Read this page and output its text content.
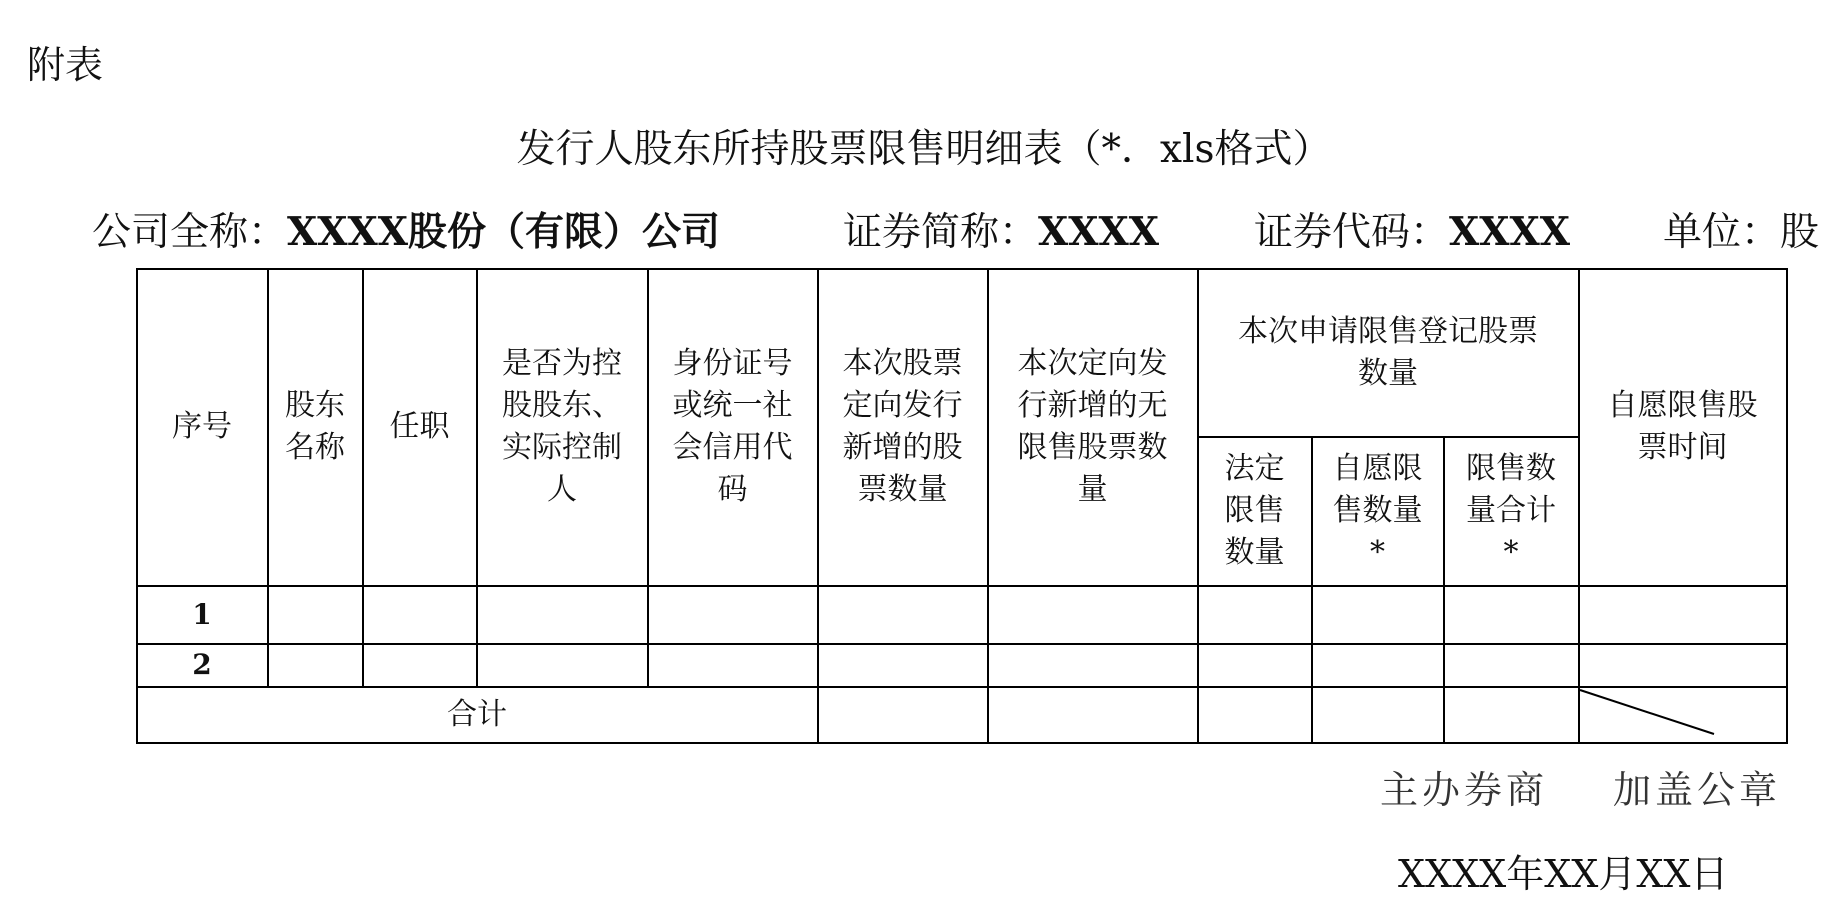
附表
发行人股东所持股票限售明细表（*．xls格式）
公司全称：XXXX股份（有限）公司	证券简称：XXXX 证券代码：XXXX 单位：股
序号
股东
名称
任职
是否为控
股股东、
实际控制
人
身份证号
或统一社
会信用代
码
本次股票
定向发行
新增的股
票数量
本次定向发
行新增的无
限售股票数
量
本次申请限售登记股票
数量
法定
限售
数量
自愿限
售数量
*
限售数
量合计
*
自愿限售股
票时间
1
2
合计
主办券商 加盖公章
XXXX年XX月XX日
